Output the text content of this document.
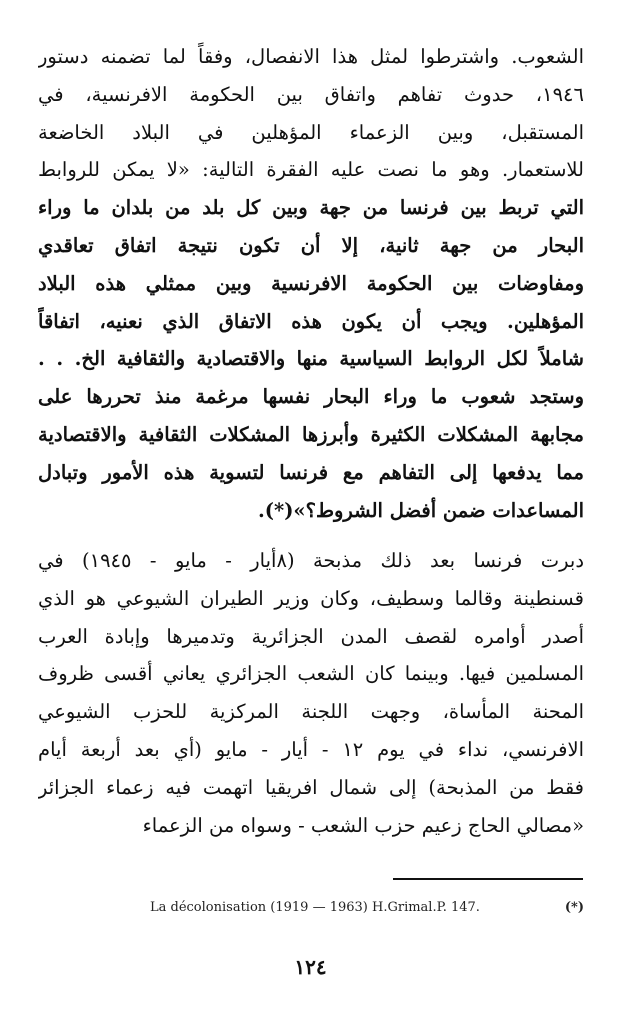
الشعوب. واشترطوا لمثل هذا الانفصال، وفقاً لما تضمنه دستور
١٩٤٦، حدوث تفاهم واتفاق بين الحكومة الافرنسية، في
المستقبل، وبين الزعماء المؤهلين في البلاد الخاضعة
للاستعمار. وهو ما نصت عليه الفقرة التالية: «لا يمكن للروابط
التي تربط بين فرنسا من جهة وبين كل بلد من بلدان ما وراء
البحار من جهة ثانية، إلا أن تكون نتيجة اتفاق تعاقدي
ومفاوضات بين الحكومة الافرنسية وبين ممثلي هذه البلاد
المؤهلين. ويجب أن يكون هذه الاتفاق الذي نعنيه، اتفاقاً
شاملاً لكل الروابط السياسية منها والاقتصادية والثقافية الخ. . .
وستجد شعوب ما وراء البحار نفسها مرغمة منذ تحررها على
مجابهة المشكلات الكثيرة وأبرزها المشكلات الثقافية والاقتصادية
مما يدفعها إلى التفاهم مع فرنسا لتسوية هذه الأمور وتبادل
المساعدات ضمن أفضل الشروط؟»(*).
دبرت فرنسا بعد ذلك مذبحة (٨أيار - مايو - ١٩٤٥) في
قسنطينة وقالما وسطيف، وكان وزير الطيران الشيوعي هو الذي
أصدر أوامره لقصف المدن الجزائرية وتدميرها وإبادة العرب
المسلمين فيها. وبينما كان الشعب الجزائري يعاني أقسى ظروف
المحنة المأساة، وجهت اللجنة المركزية للحزب الشيوعي
الافرنسي، نداء في يوم ١٢ - أيار - مايو (أي بعد أربعة أيام
فقط من المذبحة) إلى شمال افريقيا اتهمت فيه زعماء الجزائر
«مصالي الحاج زعيم حزب الشعب - وسواه من الزعماء
La décolonisation (1919 — 1963) H.Grimal.P. 147.	(*)
١٢٤
